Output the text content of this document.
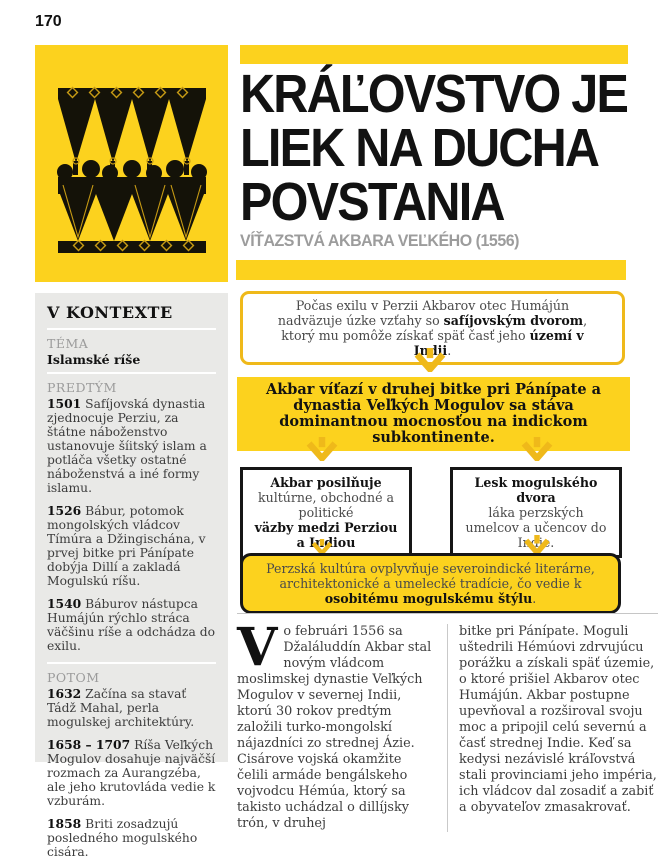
170
KRÁĽOVSTVO JE
LIEK NA DUCHA
POVSTANIA
VÍŤAZSTVÁ AKBARA VEĽKÉHO (1556)
V KONTEXTE

TÉMA

Islamské ríše

PREDTÝM

1501 Safíjovská dynastia zjednocuje Perziu, za štátne náboženstvo ustanovuje šíitský islam a potláča všetky ostatné náboženstvá a iné formy islamu.

1526 Bábur, potomok mongolských vládcov Tímúra a Džingischána, v prvej bitke pri Pánípate dobýja Dillí a zakladá Mogulskú ríšu.

1540 Báburov nástupca Humájún rýchlo stráca väčšinu ríše a odchádza do exilu.

POTOM

1632 Začína sa stavať Tádž Mahal, perla mogulskej architektúry.

1658 – 1707 Ríša Veľkých Mogulov dosahuje najväčší rozmach za Aurangzéba, ale jeho krutovláda vedie k vzburám.

1858 Briti zosadzujú posledného mogulského cisára.

Počas exilu v Perzii Akbarov otec Humájún nadväzuje úzke vzťahy so safíjovským dvorom, ktorý mu pomôže získať späť časť jeho území v Indii.
Akbar víťazí v druhej bitke pri Pánípate a dynastia Veľkých Mogulov sa stáva dominantnou mocnosťou na indickom subkontinente.
Akbar posilňuje
kultúrne, obchodné a politické
väzby medzi Perziou a Indiou
Lesk mogulského dvora
láka perzských umelcov a učencov do Indie.
Perzská kultúra ovplyvňuje severoindické literárne, architektonické a umelecké tradície, čo vedie k osobitému mogulskému štýlu.
Vo februári 1556 sa Džaláluddín Akbar stal novým vládcom moslimskej dynastie Veľkých Mogulov v severnej Indii, ktorú 30 rokov predtým založili turko-mongolskí nájazdníci zo strednej Ázie. Cisárove vojská okamžite čelili armáde bengálskeho vojvodcu Hémúa, ktorý sa takisto uchádzal o dillíjsky trón, v druhej
bitke pri Pánípate. Moguli uštedrili Hémúovi zdrvujúcu porážku a získali späť územie, o ktoré prišiel Akbarov otec Humájún. Akbar postupne upevňoval a rozširoval svoju moc a pripojil celú severnú a časť strednej Indie. Keď sa kedysi nezávislé kráľovstvá stali provinciami jeho impéria, ich vládcov dal zosadiť a zabiť a obyvateľov zmasakrovať.
